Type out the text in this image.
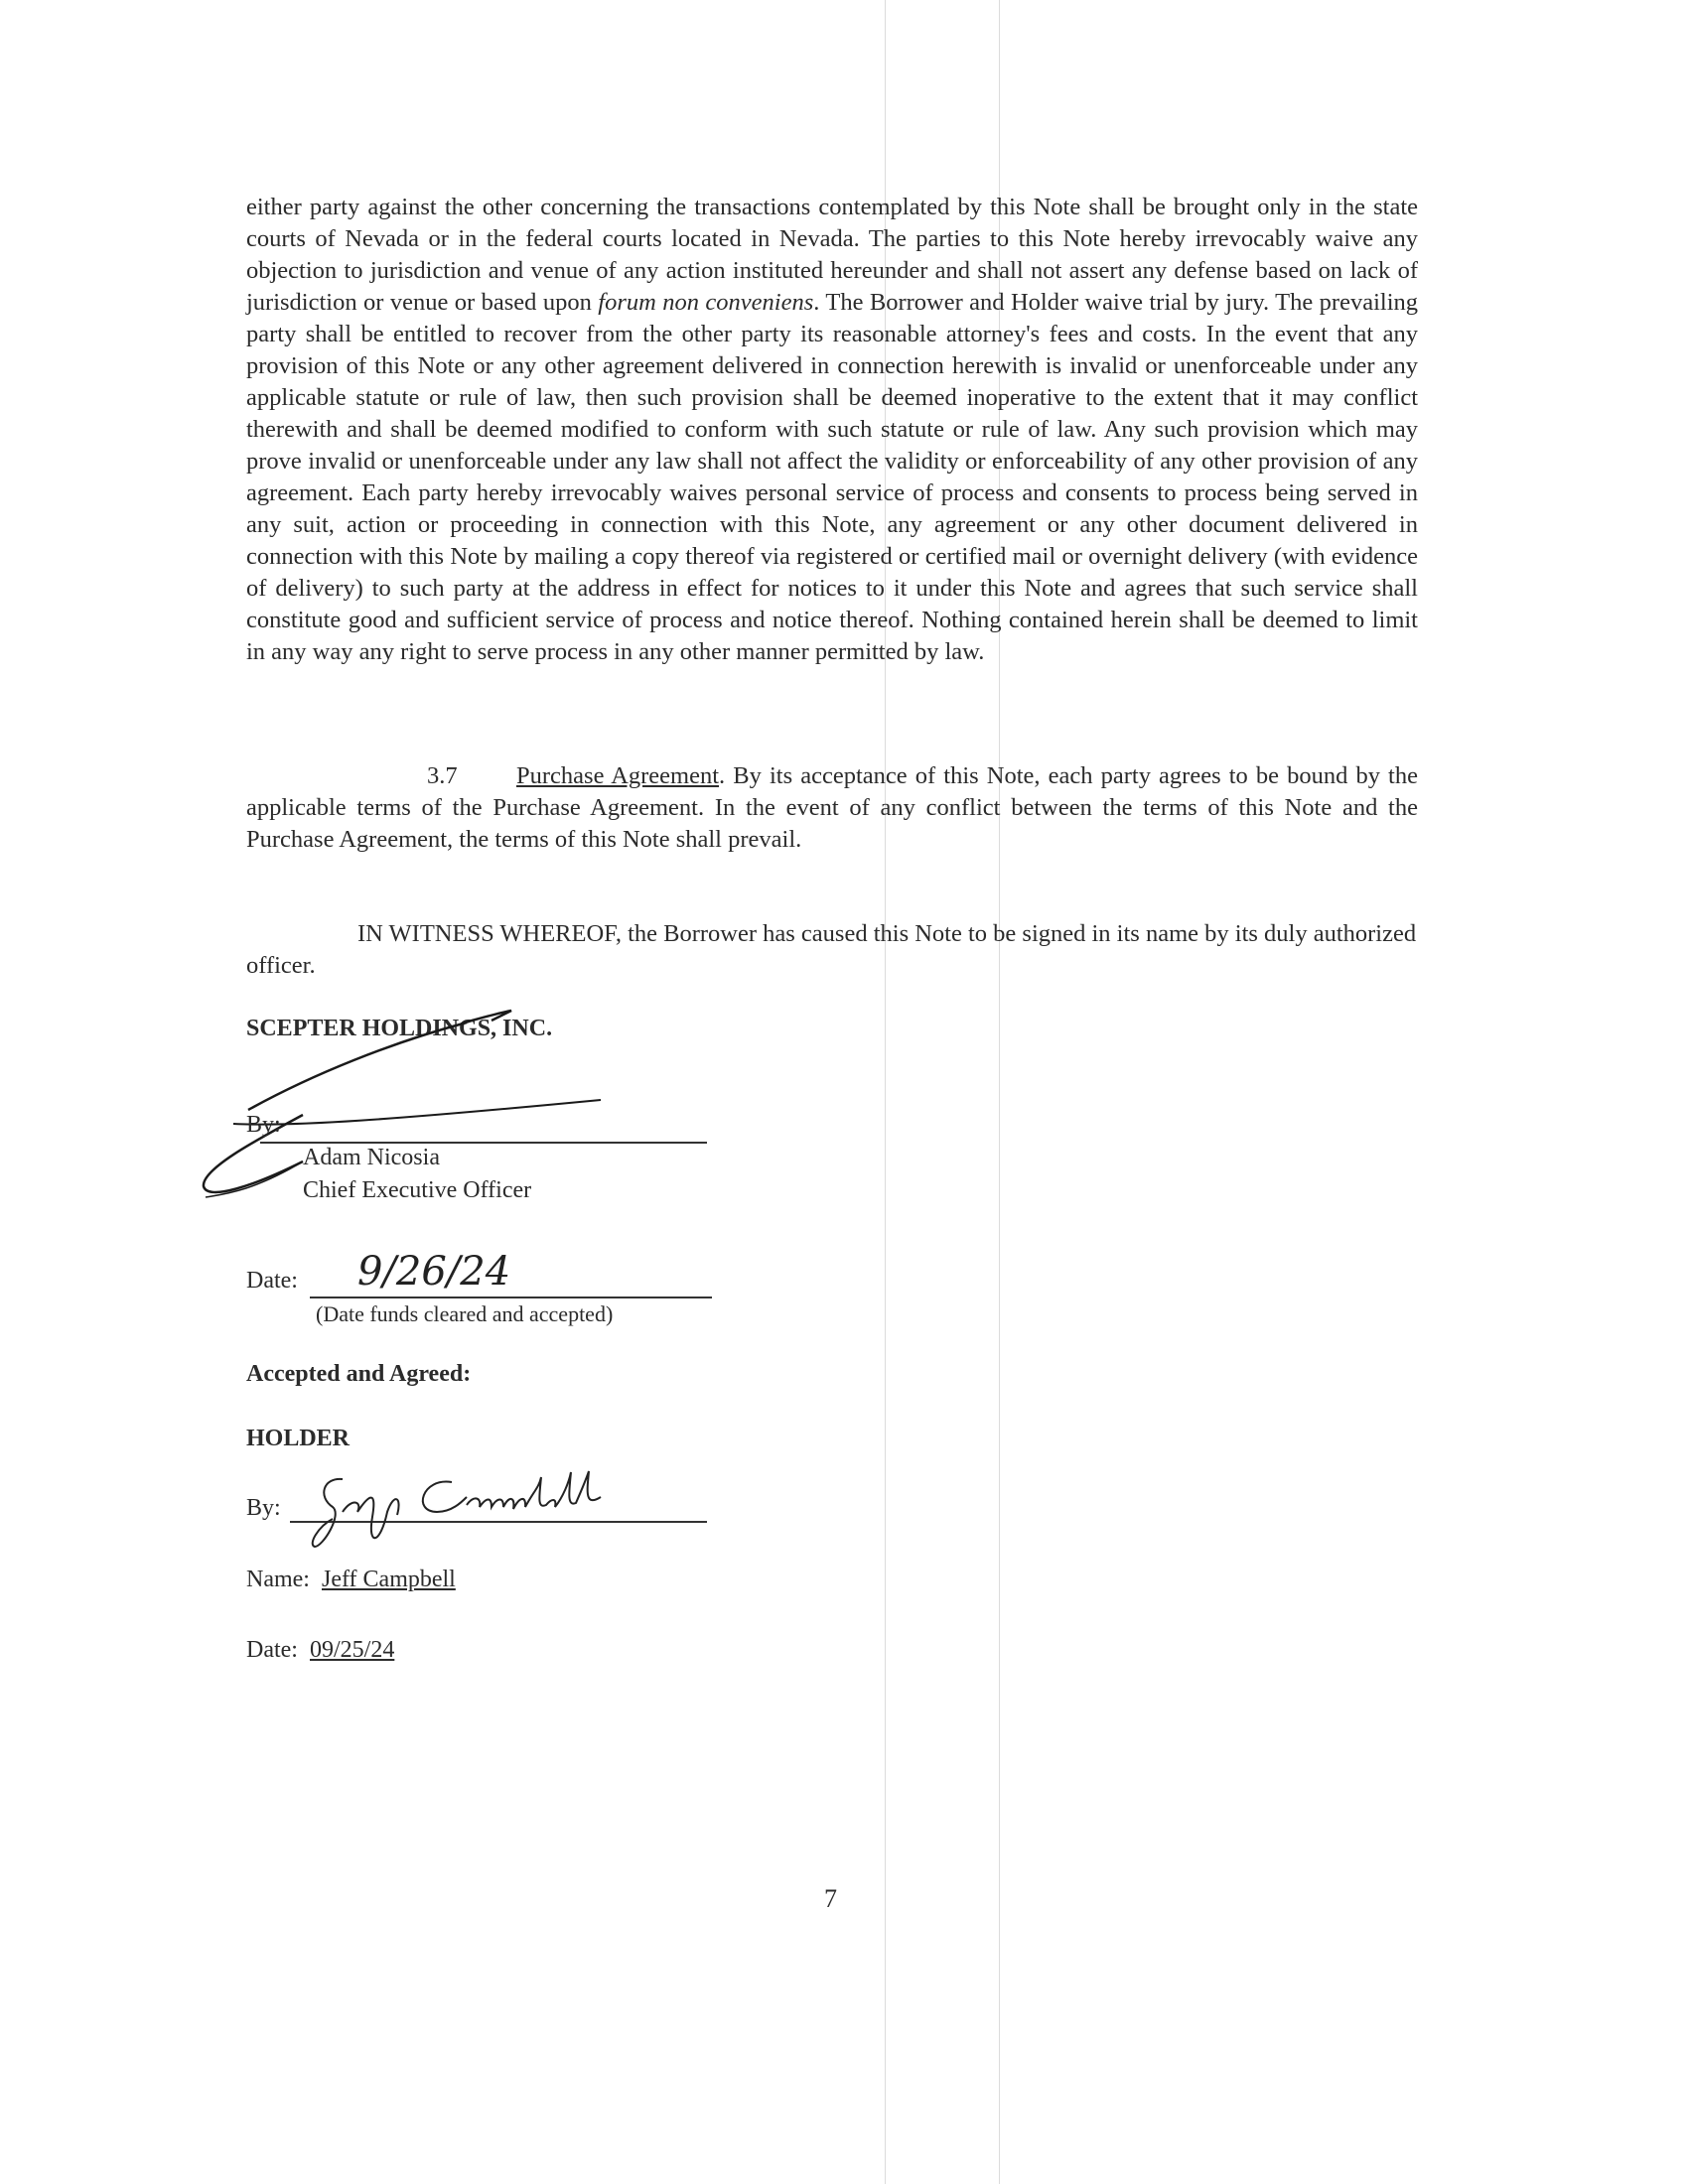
either party against the other concerning the transactions contemplated by this Note shall be brought only in the state courts of Nevada or in the federal courts located in Nevada. The parties to this Note hereby irrevocably waive any objection to jurisdiction and venue of any action instituted hereunder and shall not assert any defense based on lack of jurisdiction or venue or based upon forum non conveniens. The Borrower and Holder waive trial by jury. The prevailing party shall be entitled to recover from the other party its reasonable attorney's fees and costs. In the event that any provision of this Note or any other agreement delivered in connection herewith is invalid or unenforceable under any applicable statute or rule of law, then such provision shall be deemed inoperative to the extent that it may conflict therewith and shall be deemed modified to conform with such statute or rule of law. Any such provision which may prove invalid or unenforceable under any law shall not affect the validity or enforceability of any other provision of any agreement. Each party hereby irrevocably waives personal service of process and consents to process being served in any suit, action or proceeding in connection with this Note, any agreement or any other document delivered in connection with this Note by mailing a copy thereof via registered or certified mail or overnight delivery (with evidence of delivery) to such party at the address in effect for notices to it under this Note and agrees that such service shall constitute good and sufficient service of process and notice thereof. Nothing contained herein shall be deemed to limit in any way any right to serve process in any other manner permitted by law.

3.7 Purchase Agreement. By its acceptance of this Note, each party agrees to be bound by the applicable terms of the Purchase Agreement. In the event of any conflict between the terms of this Note and the Purchase Agreement, the terms of this Note shall prevail.

IN WITNESS WHEREOF, the Borrower has caused this Note to be signed in its name by its duly authorized officer.

SCEPTER HOLDINGS, INC.

By:
Adam Nicosia
Chief Executive Officer
Date: 9/26/24
(Date funds cleared and accepted)

Accepted and Agreed:

HOLDER

By:
Name: Jeff Campbell
Date: 09/25/24
7
